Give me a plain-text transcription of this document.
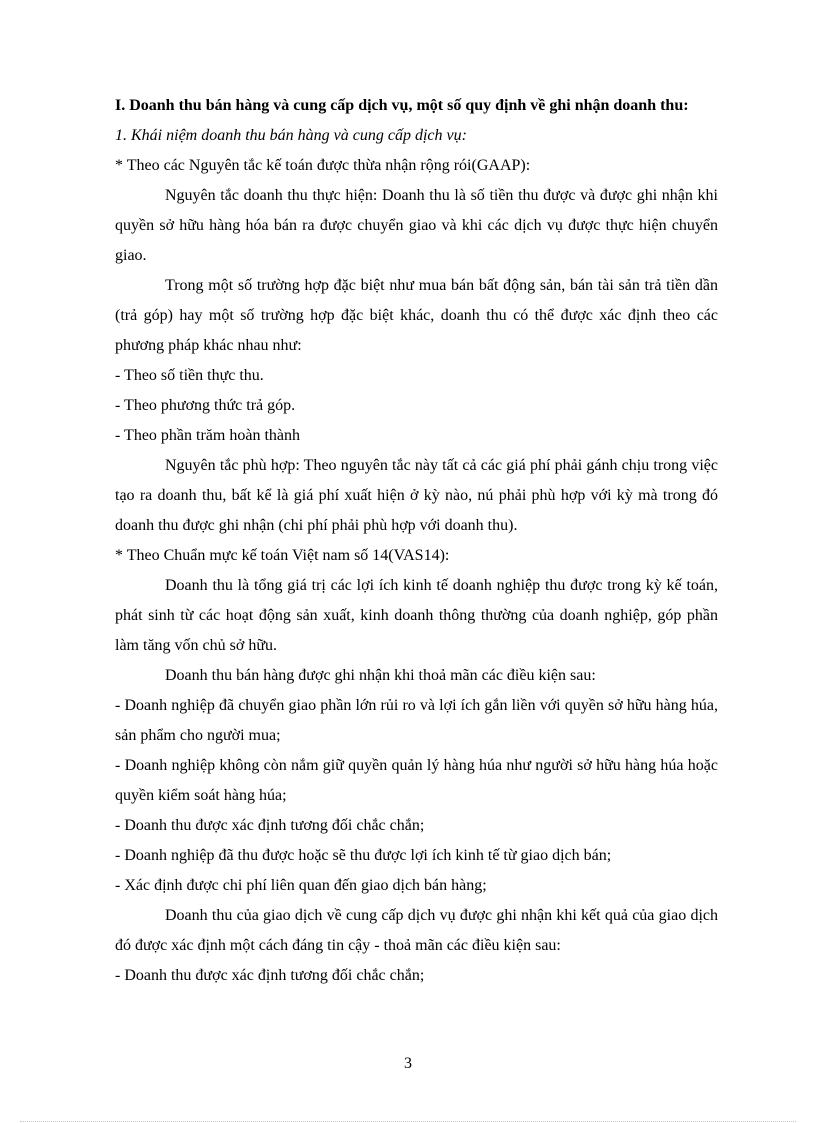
I. Doanh thu bán hàng và cung cấp dịch vụ, một số quy định về ghi nhận doanh thu:

1. Khái niệm doanh thu bán hàng và cung cấp dịch vụ:

* Theo các Nguyên tắc kế toán được thừa nhận rộng rói(GAAP):

Nguyên tắc doanh thu thực hiện: Doanh thu là số tiền thu được và được ghi nhận khi quyền sở hữu hàng hóa bán ra được chuyển giao và khi các dịch vụ được thực hiện chuyển giao.

Trong một số trường hợp đặc biệt như mua bán bất động sản, bán tài sản trả tiền dần (trả góp) hay một số trường hợp đặc biệt khác, doanh thu có thể được xác định theo các phương pháp khác nhau như:

- Theo số tiền thực thu.

- Theo phương thức trả góp.

- Theo phần trăm hoàn thành

Nguyên tắc phù hợp: Theo nguyên tắc này tất cả các giá phí phải gánh chịu trong việc tạo ra doanh thu, bất kể là giá phí xuất hiện ở kỳ nào, nú phải phù hợp với kỳ mà trong đó doanh thu được ghi nhận (chi phí phải phù hợp với doanh thu).

* Theo Chuẩn mực kế toán Việt nam số 14(VAS14):

Doanh thu là tổng giá trị các lợi ích kinh tế doanh nghiệp thu được trong kỳ kế toán, phát sinh từ các hoạt động sản xuất, kinh doanh thông thường của doanh nghiệp, góp phần làm tăng vốn chủ sở hữu.

Doanh thu bán hàng được ghi nhận khi thoả mãn các điều kiện sau:

- Doanh nghiệp đã chuyển giao phần lớn rủi ro và lợi ích gắn liền với quyền sở hữu hàng húa, sản phẩm cho người mua;

- Doanh nghiệp không còn nắm giữ quyền quản lý hàng húa như người sở hữu hàng húa hoặc quyền kiểm soát hàng húa;

- Doanh thu được xác định tương đối chắc chắn;

- Doanh nghiệp đã thu được hoặc sẽ thu được lợi ích kinh tế từ giao dịch bán;

- Xác định được chi phí liên quan đến giao dịch bán hàng;

Doanh thu của giao dịch về cung cấp dịch vụ được ghi nhận khi kết quả của giao dịch đó được xác định một cách đáng tin cậy - thoả mãn các điều kiện sau:

- Doanh thu được xác định tương đối chắc chắn;

3
